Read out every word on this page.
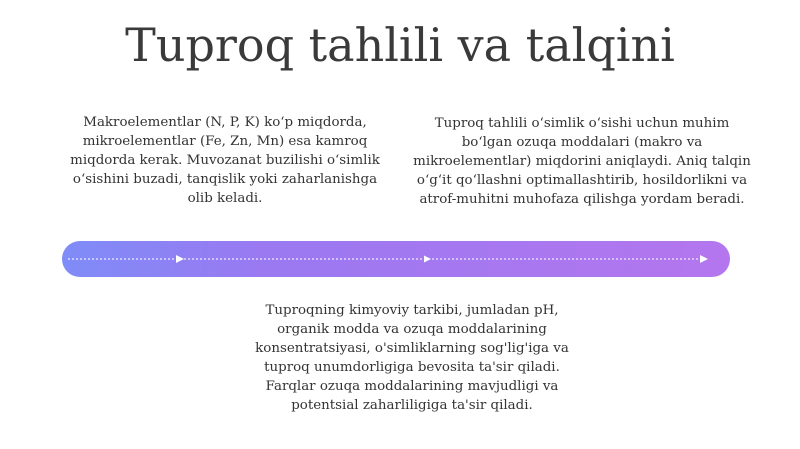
Tuproq tahlili va talqini

Makroelementlar (N, P, K) koʻp miqdorda, mikroelementlar (Fe, Zn, Mn) esa kamroq miqdorda kerak. Muvozanat buzilishi oʻsimlik oʻsishini buzadi, tanqislik yoki zaharlanishga olib keladi.

Tuproq tahlili oʻsimlik oʻsishi uchun muhim boʻlgan ozuqa moddalari (makro va mikroelementlar) miqdorini aniqlaydi. Aniq talqin oʻgʻit qoʻllashni optimallashtirib, hosildorlikni va atrof-muhitni muhofaza qilishga yordam beradi.

Tuproqning kimyoviy tarkibi, jumladan pH, organik modda va ozuqa moddalarining konsentratsiyasi, o'simliklarning sog'lig'iga va tuproq unumdorligiga bevosita ta'sir qiladi. Farqlar ozuqa moddalarining mavjudligi va potentsial zaharliligiga ta'sir qiladi.
